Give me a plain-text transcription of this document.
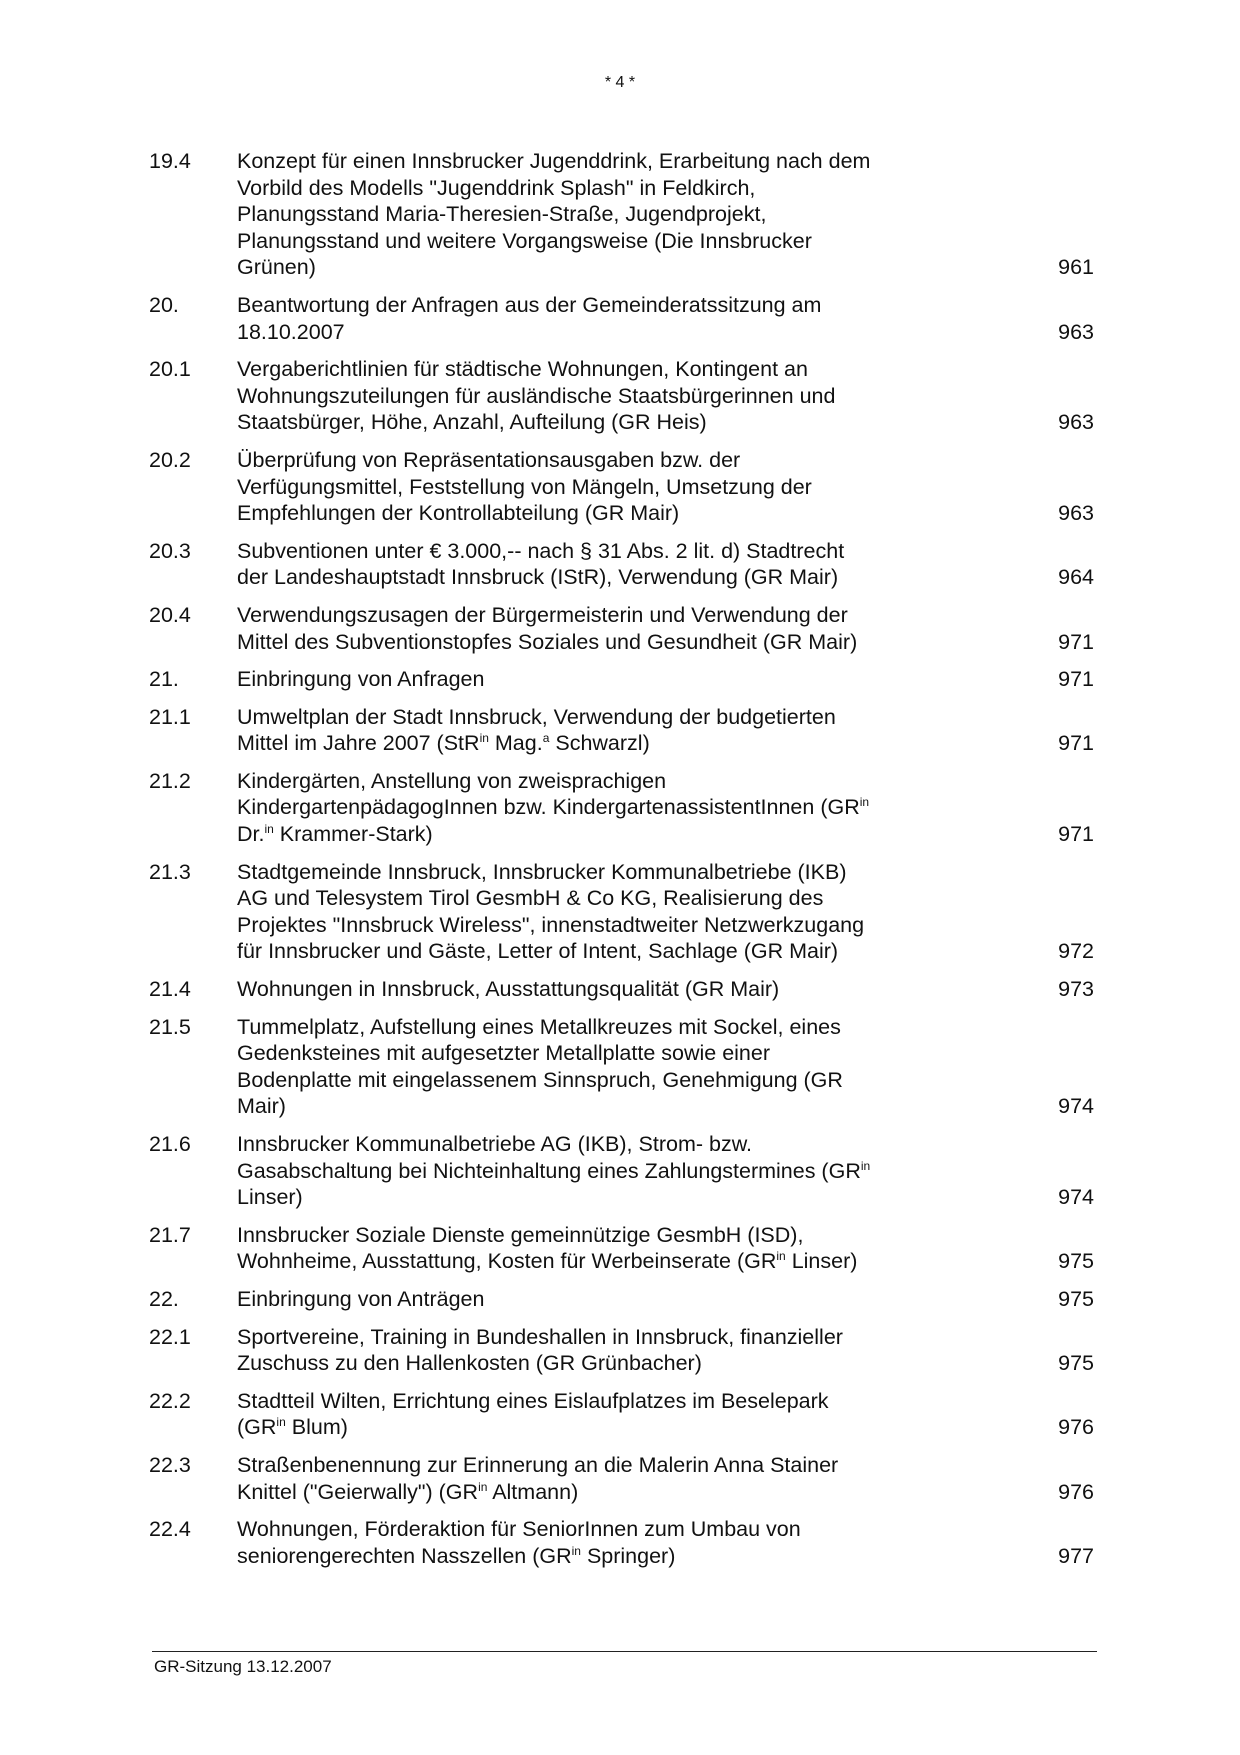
* 4 *
19.4 Konzept für einen Innsbrucker Jugenddrink, Erarbeitung nach dem
Vorbild des Modells "Jugenddrink Splash" in Feldkirch,
Planungsstand Maria-Theresien-Straße, Jugendprojekt,
Planungsstand und weitere Vorgangsweise (Die Innsbrucker
Grünen)	961
20.	Beantwortung der Anfragen aus der Gemeinderatssitzung am
18.10.2007	963
20.1 Vergaberichtlinien für städtische Wohnungen, Kontingent an
Wohnungszuteilungen für ausländische Staatsbürgerinnen und
Staatsbürger, Höhe, Anzahl, Aufteilung (GR Heis)	963
20.2 Überprüfung von Repräsentationsausgaben bzw. der
Verfügungsmittel, Feststellung von Mängeln, Umsetzung der
Empfehlungen der Kontrollabteilung (GR Mair)	963
20.3 Subventionen unter € 3.000,-- nach § 31 Abs. 2 lit. d) Stadtrecht
der Landeshauptstadt Innsbruck (IStR), Verwendung (GR Mair)	964
20.4 Verwendungszusagen der Bürgermeisterin und Verwendung der
Mittel des Subventionstopfes Soziales und Gesundheit (GR Mair)	971
21.	Einbringung von Anfragen	971
21.1 Umweltplan der Stadt Innsbruck, Verwendung der budgetierten
Mittel im Jahre 2007 (StR$^{in}$ Mag.$^a$ Schwarzl)	971
21.2 Kindergärten, Anstellung von zweisprachigen
KindergartenpädagogInnen bzw. KindergartenassistentInnen ($GR^{in}$
Dr.$^{in}$ Krammer-Stark)	971
21.3 Stadtgemeinde Innsbruck, Innsbrucker Kommunalbetriebe (IKB)
AG und Telesystem Tirol GesmbH & Co KG, Realisierung des
Projektes "Innsbruck Wireless", innenstadtweiter Netzwerkzugang
für Innsbrucker und Gäste, Letter of Intent, Sachlage (GR Mair)	972
21.4 Wohnungen in Innsbruck, Ausstattungsqualität (GR Mair)	973
21.5 Tummelplatz, Aufstellung eines Metallkreuzes mit Sockel, eines
Gedenksteines mit aufgesetzter Metallplatte sowie einer
Bodenplatte mit eingelassenem Sinnspruch, Genehmigung (GR
Mair)	974
21.6 Innsbrucker Kommunalbetriebe AG (IKB), Strom- bzw.
Gasabschaltung bei Nichteinhaltung eines Zahlungstermines ($GR^{in}$
Linser)	974
21.7 Innsbrucker Soziale Dienste gemeinnützige GesmbH (ISD),
Wohnheime, Ausstattung, Kosten für Werbeinserate ($GR^{in}$ Linser)	975
22.	Einbringung von Anträgen	975
22.1 Sportvereine, Training in Bundeshallen in Innsbruck, finanzieller
Zuschuss zu den Hallenkosten (GR Grünbacher)	975
22.2 Stadtteil Wilten, Errichtung eines Eislaufplatzes im Beselepark
($GR^{in}$ Blum)	976
22.3 Straßenbenennung zur Erinnerung an die Malerin Anna Stainer
Knittel ("Geierwally") ($GR^{in}$ Altmann)	976
22.4 Wohnungen, Förderaktion für SeniorInnen zum Umbau von
seniorengerechten Nasszellen ($GR^{in}$ Springer)	977
GR-Sitzung 13.12.2007
